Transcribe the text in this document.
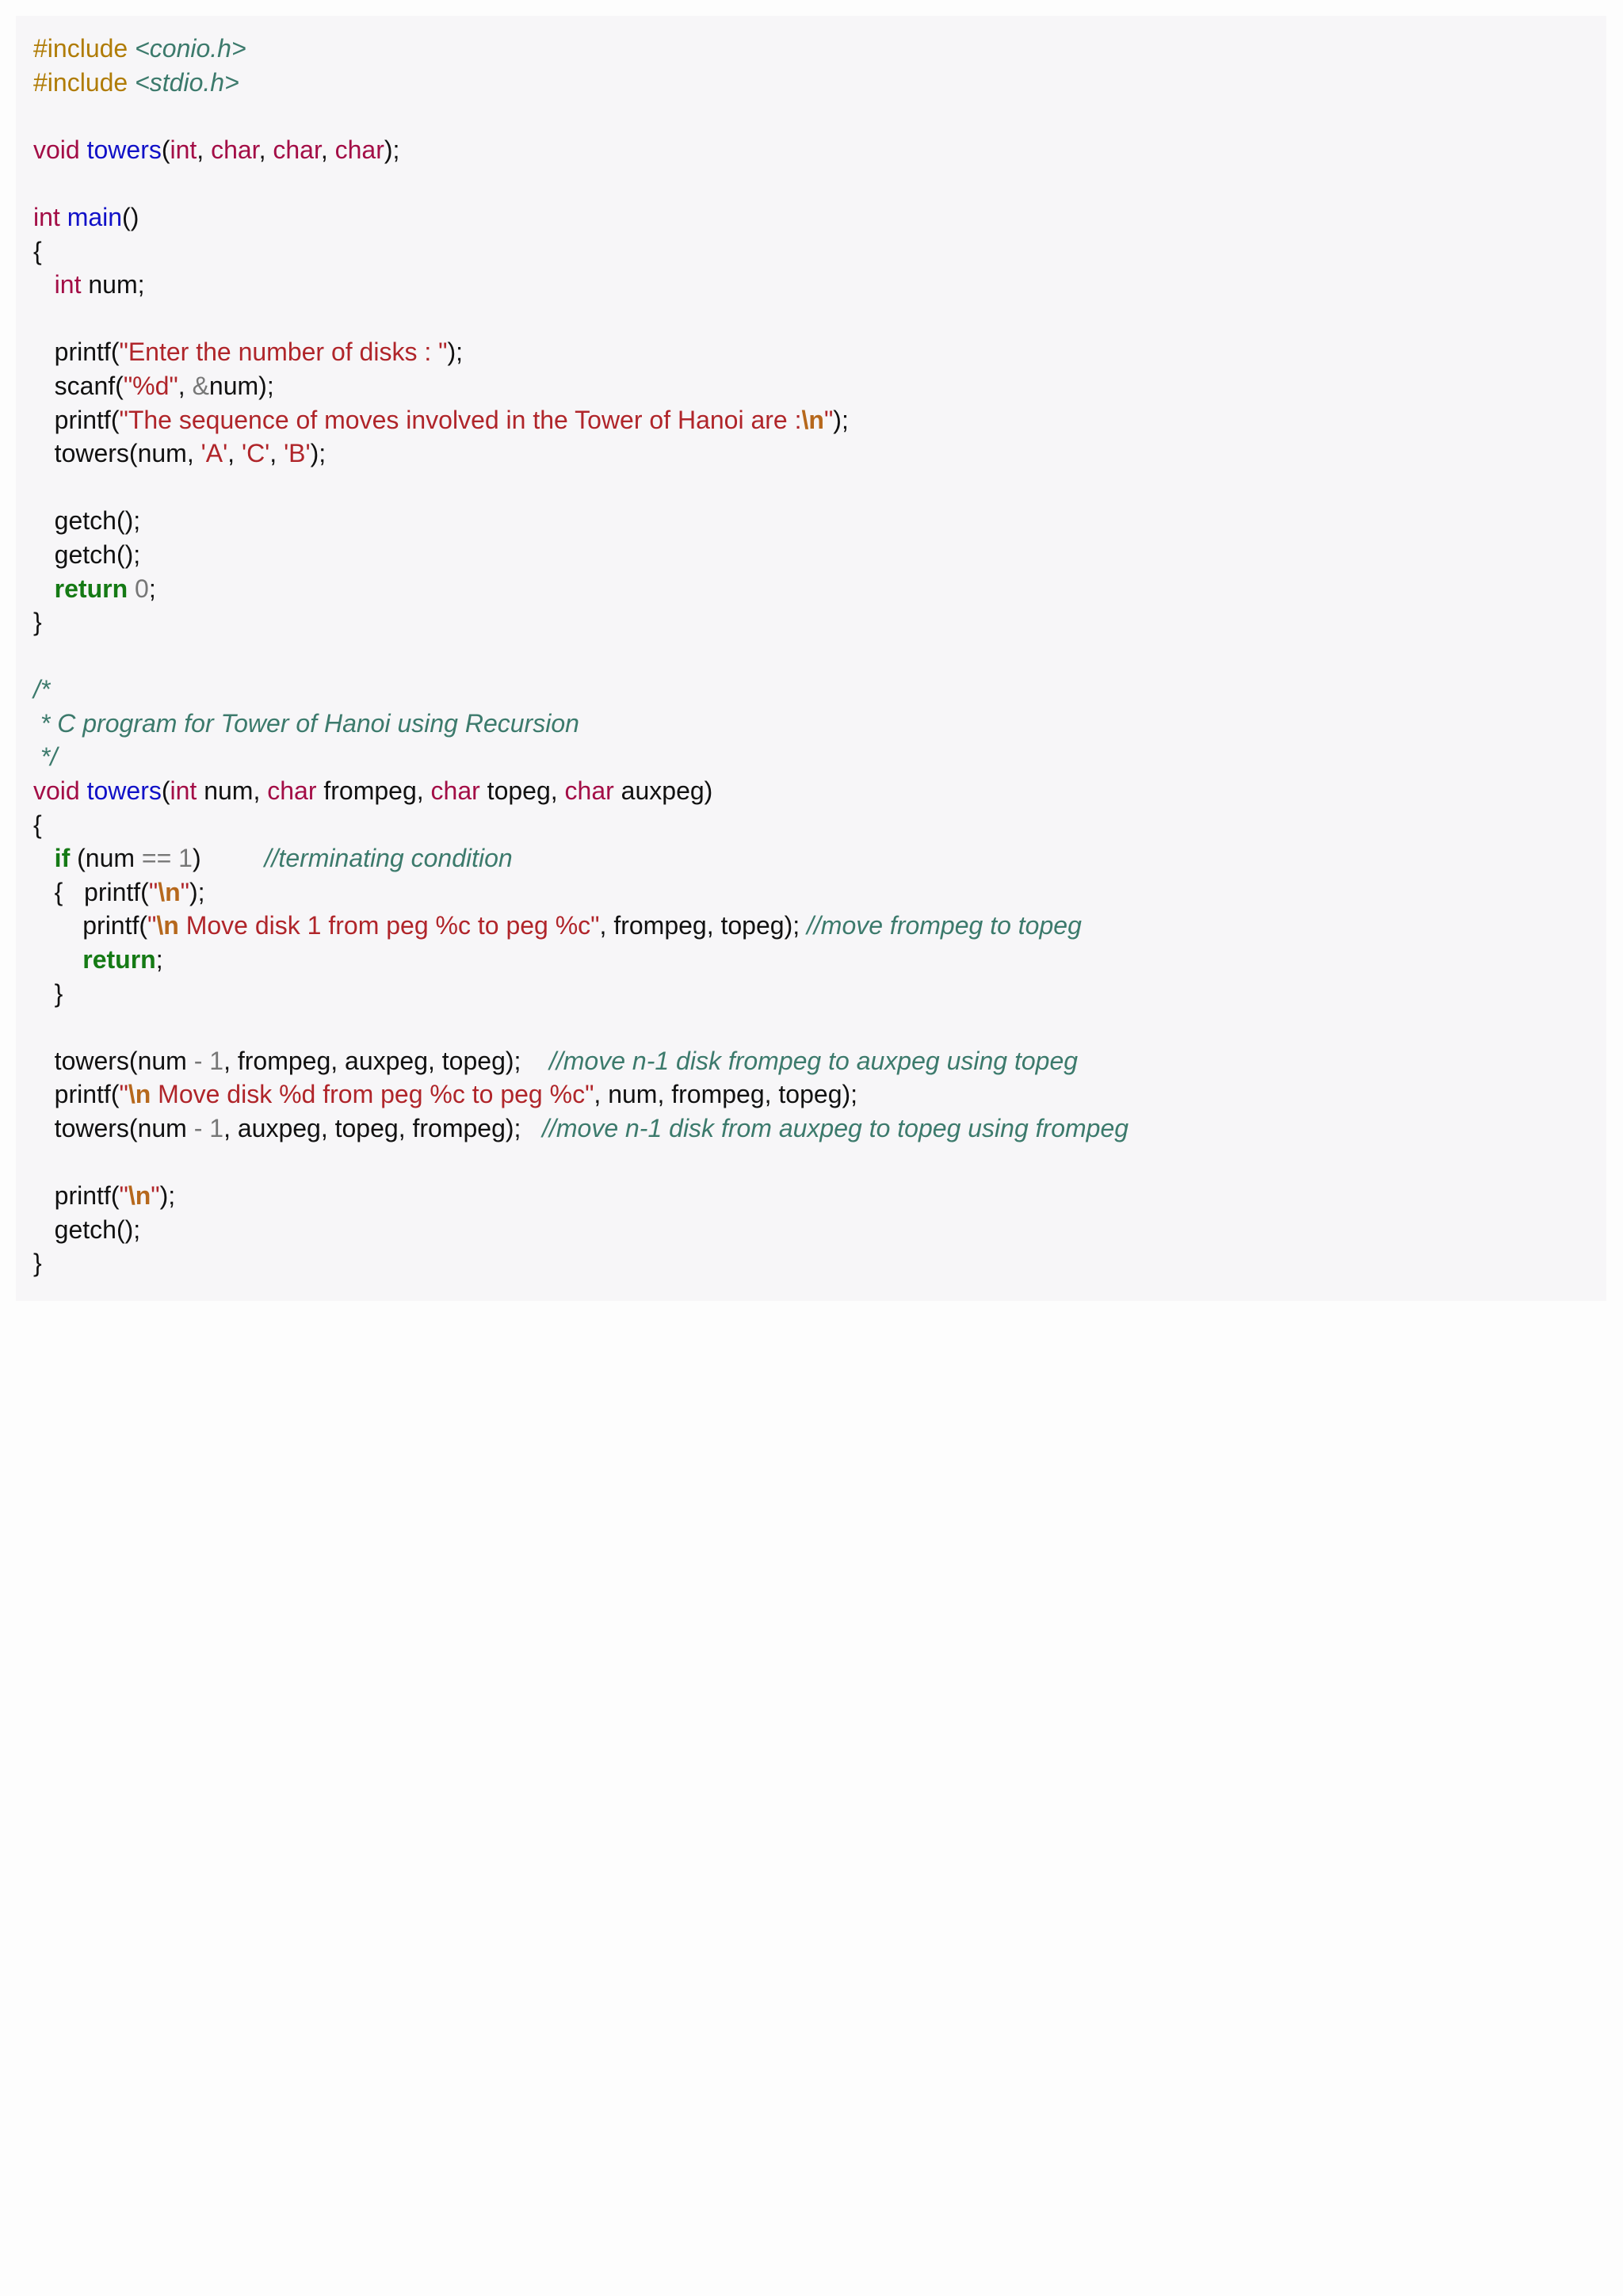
#include <conio.h>
#include <stdio.h>

void towers(int, char, char, char);

int main()
{
int num;

printf("Enter the number of disks : ");
scanf("%d", &num);
printf("The sequence of moves involved in the Tower of Hanoi are :\n");
towers(num, 'A', 'C', 'B');

getch();
getch();
return 0;
}

/*
* C program for Tower of Hanoi using Recursion
*/
void towers(int num, char frompeg, char topeg, char auxpeg)
{
if (num == 1)         //terminating condition
{   printf("\n");
printf("\n Move disk 1 from peg %c to peg %c", frompeg, topeg); //move frompeg to topeg
return;
}

towers(num - 1, frompeg, auxpeg, topeg);    //move n-1 disk frompeg to auxpeg using topeg
printf("\n Move disk %d from peg %c to peg %c", num, frompeg, topeg);
towers(num - 1, auxpeg, topeg, frompeg);   //move n-1 disk from auxpeg to topeg using frompeg

printf("\n");
getch();
}
